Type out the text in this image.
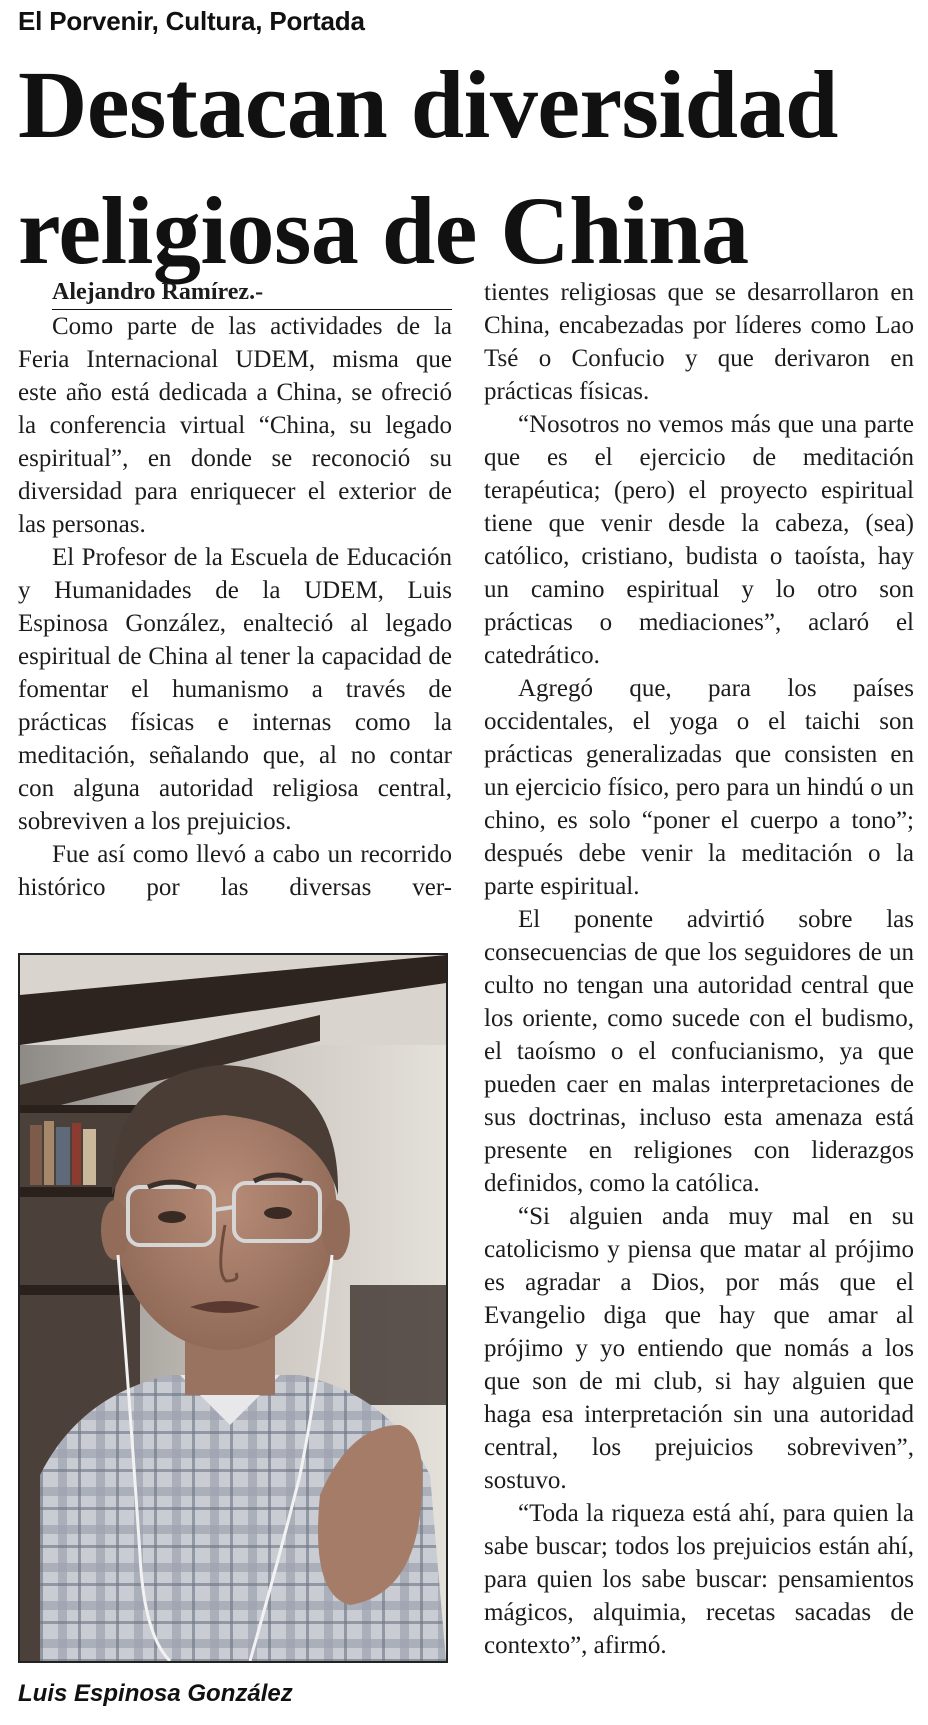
El Porvenir, Cultura, Portada
Destacan diversidad religiosa de China
Alejandro Ramírez.-

Como parte de las actividades de la Feria Internacional UDEM, misma que este año está dedicada a China, se ofreció la conferencia virtual “China, su legado espiritual”, en donde se reconoció su diversidad para enriquecer el exterior de las personas.

El Profesor de la Escuela de Educación y Humanidades de la UDEM, Luis Espinosa González, enalteció al legado espiritual de China al tener la capacidad de fomentar el humanismo a través de prácticas físicas e internas como la meditación, señalando que, al no contar con alguna autoridad religiosa central, sobreviven a los prejuicios.

Fue así como llevó a cabo un recorrido histórico por las diversas ver-

Luis Espinosa González

tientes religiosas que se desarrollaron en China, encabezadas por líderes como Lao Tsé o Confucio y que derivaron en prácticas físicas.

“Nosotros no vemos más que una parte que es el ejercicio de meditación terapéutica; (pero) el proyecto espiritual tiene que venir desde la cabeza, (sea) católico, cristiano, budista o taoísta, hay un camino espiritual y lo otro son prácticas o mediaciones”, aclaró el catedrático.

Agregó que, para los países occidentales, el yoga o el taichi son prácticas generalizadas que consisten en un ejercicio físico, pero para un hindú o un chino, es solo “poner el cuerpo a tono”; después debe venir la meditación o la parte espiritual.

El ponente advirtió sobre las consecuencias de que los seguidores de un culto no tengan una autoridad central que los oriente, como sucede con el budismo, el taoísmo o el confucianismo, ya que pueden caer en malas interpretaciones de sus doctrinas, incluso esta amenaza está presente en religiones con liderazgos definidos, como la católica.

“Si alguien anda muy mal en su catolicismo y piensa que matar al prójimo es agradar a Dios, por más que el Evangelio diga que hay que amar al prójimo y yo entiendo que nomás a los que son de mi club, si hay alguien que haga esa interpretación sin una autoridad central, los prejuicios sobreviven”, sostuvo.

“Toda la riqueza está ahí, para quien la sabe buscar; todos los prejuicios están ahí, para quien los sabe buscar: pensamientos mágicos, alquimia, recetas sacadas de contexto”, afirmó.
